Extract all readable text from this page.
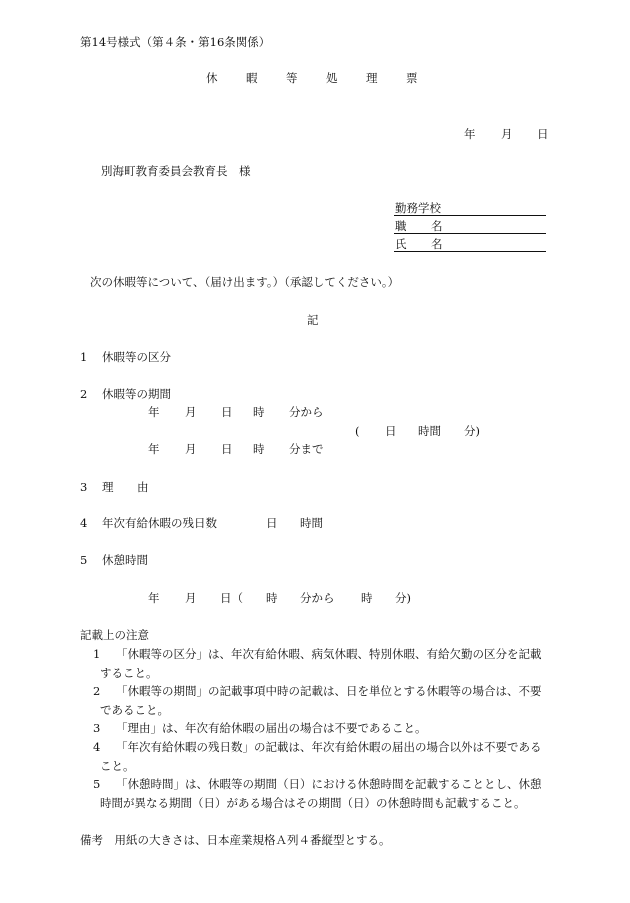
第14号様式（第４条・第16条関係）
休 暇 等 処 理 票
年 月 日
別海町教育委員会教育長　様
勤務学校
職 名
氏 名
次の休暇等について、（届け出ます。）（承認してください。）
記
1 休暇等の区分
2 休暇等の期間
年 月 日 時 分から
( 日 時間 分)
年 月 日 時 分まで
3 理 由
4 年次有給休暇の残日数	日 時間
5 休憩時間
年 月 日（ 時 分から 時 分)
記載上の注意
1 「休暇等の区分」は、年次有給休暇、病気休暇、特別休暇、有給欠勤の区分を記載
すること。
2 「休暇等の期間」の記載事項中時の記載は、日を単位とする休暇等の場合は、不要
であること。
3 「理由」は、年次有給休暇の届出の場合は不要であること。
4 「年次有給休暇の残日数」の記載は、年次有給休暇の届出の場合以外は不要である
こと。
5 「休憩時間」は、休暇等の期間（日）における休憩時間を記載することとし、休憩
時間が異なる期間（日）がある場合はその期間（日）の休憩時間も記載すること。
備考　用紙の大きさは、日本産業規格Ａ列４番縦型とする。
